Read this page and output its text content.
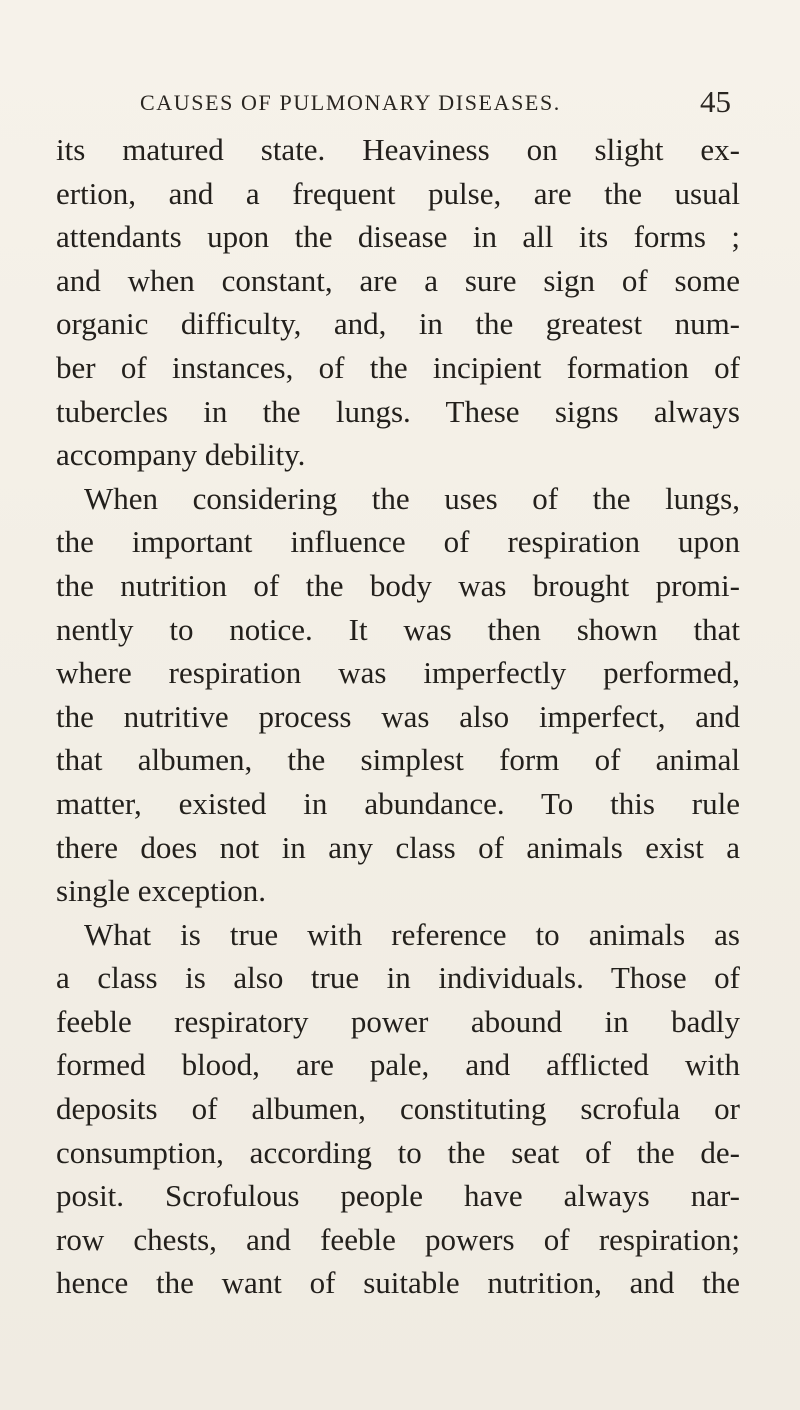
CAUSES OF PULMONARY DISEASES.	45
its matured state. Heaviness on slight ex-
ertion, and a frequent pulse, are the usual
attendants upon the disease in all its forms ;
and when constant, are a sure sign of some
organic difficulty, and, in the greatest num-
ber of instances, of the incipient formation of
tubercles in the lungs. These signs always
accompany debility.
When considering the uses of the lungs,
the important influence of respiration upon
the nutrition of the body was brought promi-
nently to notice. It was then shown that
where respiration was imperfectly performed,
the nutritive process was also imperfect, and
that albumen, the simplest form of animal
matter, existed in abundance. To this rule
there does not in any class of animals exist a
single exception.
What is true with reference to animals as
a class is also true in individuals. Those of
feeble respiratory power abound in badly
formed blood, are pale, and afflicted with
deposits of albumen, constituting scrofula or
consumption, according to the seat of the de-
posit. Scrofulous people have always nar-
row chests, and feeble powers of respiration;
hence the want of suitable nutrition, and the
